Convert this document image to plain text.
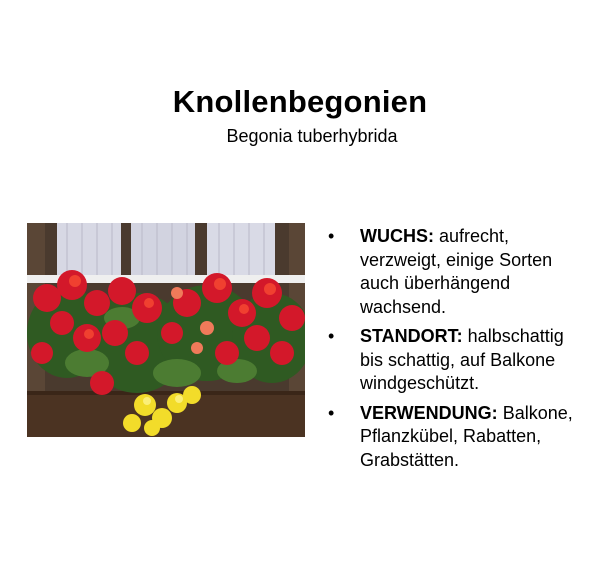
Knollenbegonien
Begonia tuberhybrida
• WUCHS: aufrecht, verzweigt, einige Sorten auch überhängend wachsend.
• STANDORT: halbschattig bis schattig, auf Balkone windgeschützt.
• VERWENDUNG: Balkone, Pflanzkübel, Rabatten, Grabstätten.
